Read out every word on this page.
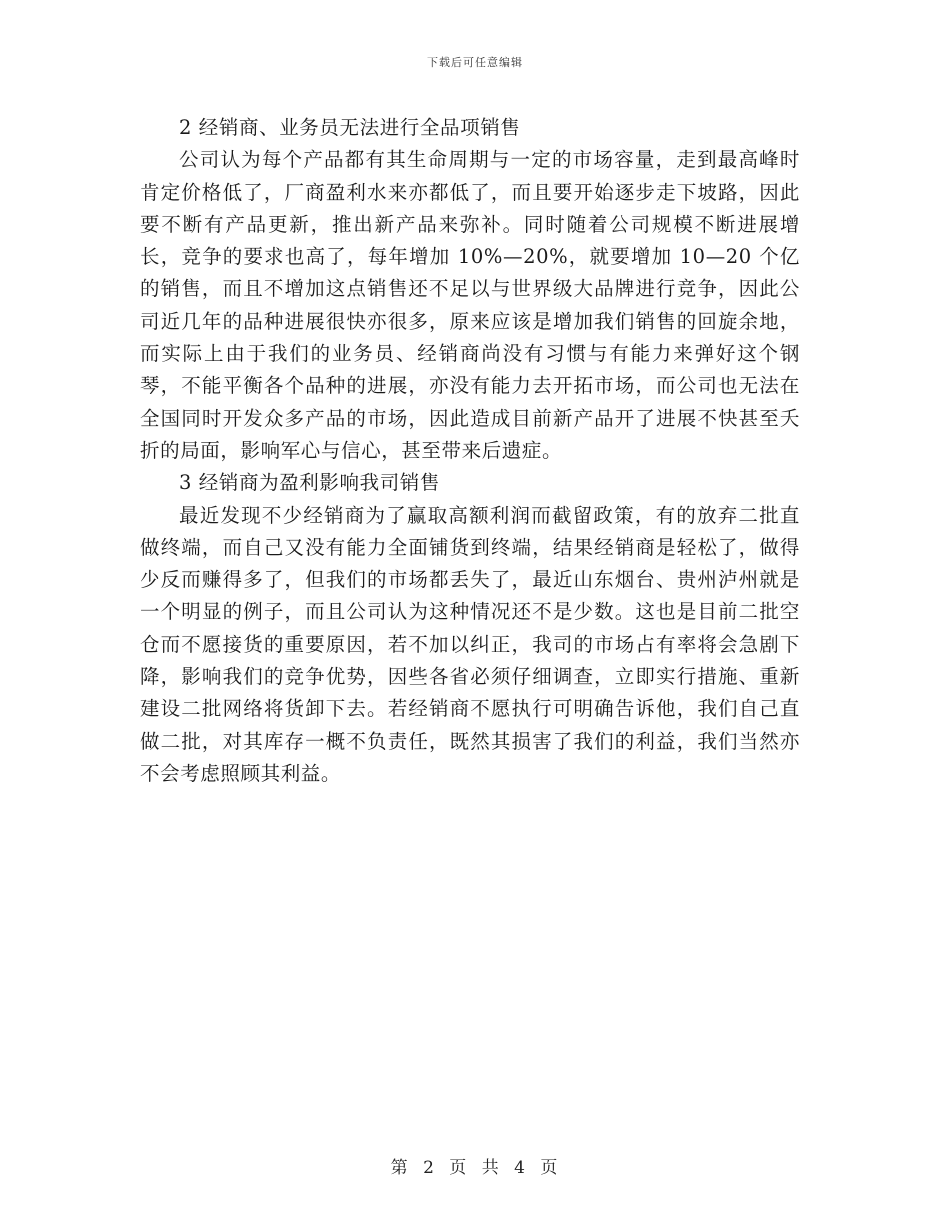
下载后可任意编辑

2 经销商、业务员无法进行全品项销售

公司认为每个产品都有其生命周期与一定的市场容量，走到最高峰时肯定价格低了，厂商盈利水来亦都低了，而且要开始逐步走下坡路，因此要不断有产品更新，推出新产品来弥补。同时随着公司规模不断进展增长，竞争的要求也高了，每年增加 10%—20%，就要增加 10—20 个亿的销售，而且不增加这点销售还不足以与世界级大品牌进行竞争，因此公司近几年的品种进展很快亦很多，原来应该是增加我们销售的回旋余地，而实际上由于我们的业务员、经销商尚没有习惯与有能力来弹好这个钢琴，不能平衡各个品种的进展，亦没有能力去开拓市场，而公司也无法在全国同时开发众多产品的市场，因此造成目前新产品开了进展不快甚至夭折的局面，影响军心与信心，甚至带来后遗症。

3 经销商为盈利影响我司销售

最近发现不少经销商为了赢取高额利润而截留政策，有的放弃二批直做终端，而自己又没有能力全面铺货到终端，结果经销商是轻松了，做得少反而赚得多了，但我们的市场都丢失了，最近山东烟台、贵州泸州就是一个明显的例子，而且公司认为这种情况还不是少数。这也是目前二批空仓而不愿接货的重要原因，若不加以纠正，我司的市场占有率将会急剧下降，影响我们的竞争优势，因些各省必须仔细调查，立即实行措施、重新建设二批网络将货卸下去。若经销商不愿执行可明确告诉他，我们自己直做二批，对其库存一概不负责任，既然其损害了我们的利益，我们当然亦不会考虑照顾其利益。

第 2 页 共 4 页
